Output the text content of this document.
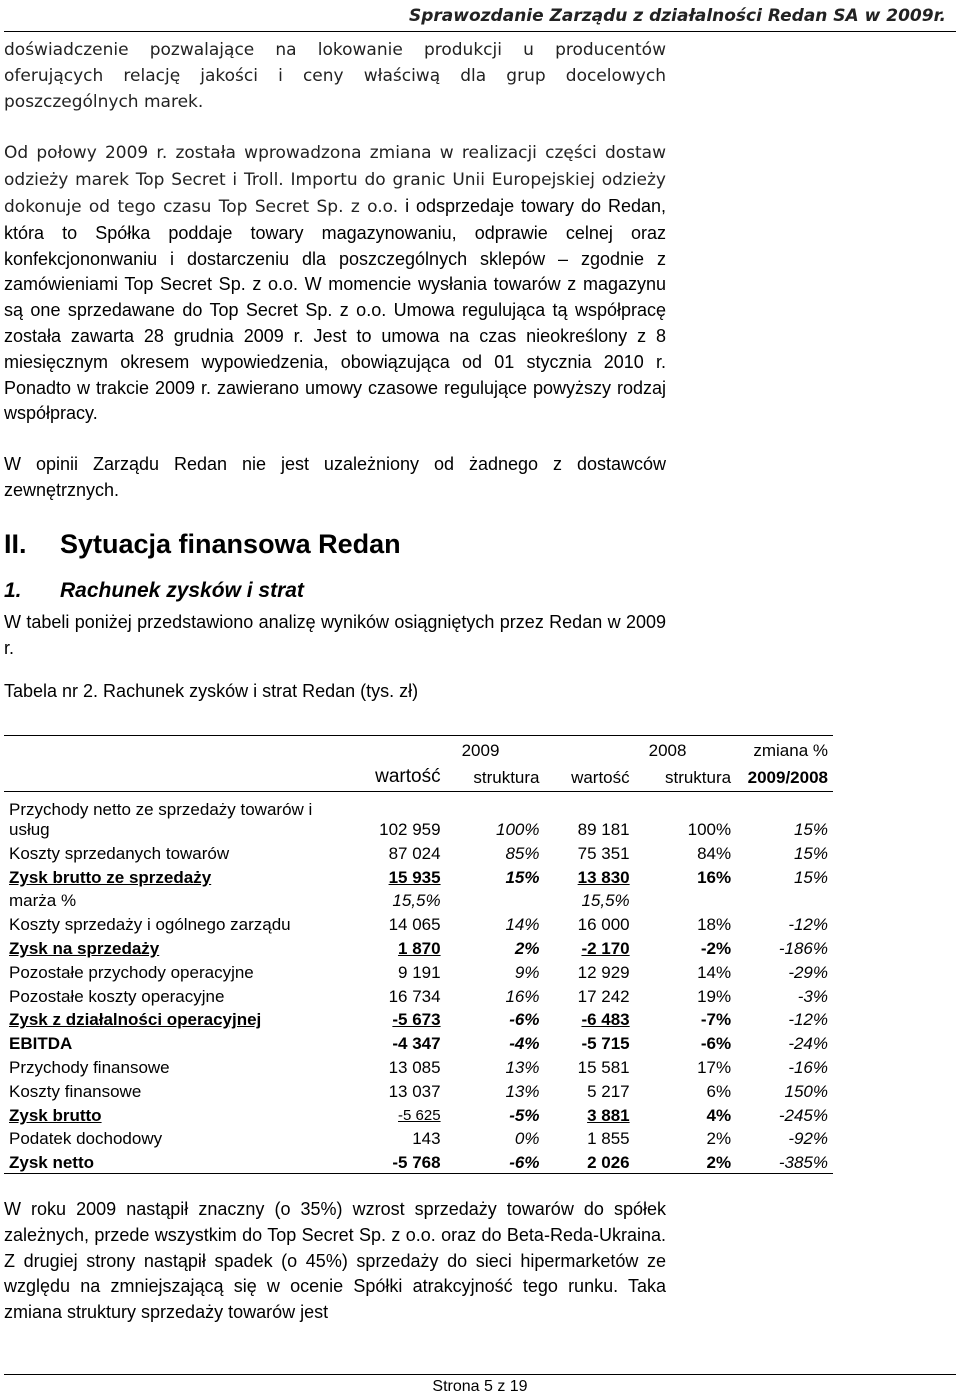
Sprawozdanie Zarządu z działalności Redan SA w 2009r.

doświadczenie pozwalające na lokowanie produkcji u producentów oferujących relację jakości i ceny właściwą dla grup docelowych poszczególnych marek.

Od połowy 2009 r. została wprowadzona zmiana w realizacji części dostaw odzieży marek Top Secret i Troll. Importu do granic Unii Europejskiej odzieży dokonuje od tego czasu Top Secret Sp. z o.o. i odsprzedaje towary do Redan, która to Spółka poddaje towary magazynowaniu, odprawie celnej oraz konfekcjononwaniu i dostarczeniu dla poszczególnych sklepów – zgodnie z zamówieniami Top Secret Sp. z o.o. W momencie wysłania towarów z magazynu są one sprzedawane do Top Secret Sp. z o.o. Umowa regulująca tą współpracę została zawarta 28 grudnia 2009 r. Jest to umowa na czas nieokreślony z 8 miesięcznym okresem wypowiedzenia, obowiązująca od 01 stycznia 2010 r. Ponadto w trakcie 2009 r. zawierano umowy czasowe regulujące powyższy rodzaj współpracy.

W opinii Zarządu Redan nie jest uzależniony od żadnego z dostawców zewnętrznych.

II.	Sytuacja finansowa Redan
1.	Rachunek zysków i strat

W tabeli poniżej przedstawiono analizę wyników osiągniętych przez Redan w 2009 r.

Tabela nr 2. Rachunek zysków i strat Redan (tys. zł)

		2009		2008	zmiana %
	wartość	struktura	wartość	struktura	2009/2008
Przychody netto ze sprzedaży towarów i usług	102 959	100%	89 181	100%	15%
Koszty sprzedanych towarów	87 024	85%	75 351	84%	15%
Zysk brutto ze sprzedaży	15 935	15%	13 830	16%	15%
marża %	15,5%		15,5%		
Koszty sprzedaży i ogólnego zarządu	14 065	14%	16 000	18%	-12%
Zysk na sprzedaży	1 870	2%	-2 170	-2%	-186%
Pozostałe przychody operacyjne	9 191	9%	12 929	14%	-29%
Pozostałe koszty operacyjne	16 734	16%	17 242	19%	-3%
Zysk z działalności operacyjnej	-5 673	-6%	-6 483	-7%	-12%
EBITDA	-4 347	-4%	-5 715	-6%	-24%
Przychody finansowe	13 085	13%	15 581	17%	-16%
Koszty finansowe	13 037	13%	5 217	6%	150%
Zysk brutto	-5 625	-5%	3 881	4%	-245%
Podatek dochodowy	143	0%	1 855	2%	-92%
Zysk netto	-5 768	-6%	2 026	2%	-385%

W roku 2009 nastąpił znaczny (o 35%) wzrost sprzedaży towarów do spółek zależnych, przede wszystkim do Top Secret Sp. z o.o. oraz do Beta-Reda-Ukraina. Z drugiej strony nastąpił spadek (o 45%) sprzedaży do sieci hipermarketów ze względu na zmniejszającą się w ocenie Spółki atrakcyjność tego runku. Taka zmiana struktury sprzedaży towarów jest

Strona 5 z 19
